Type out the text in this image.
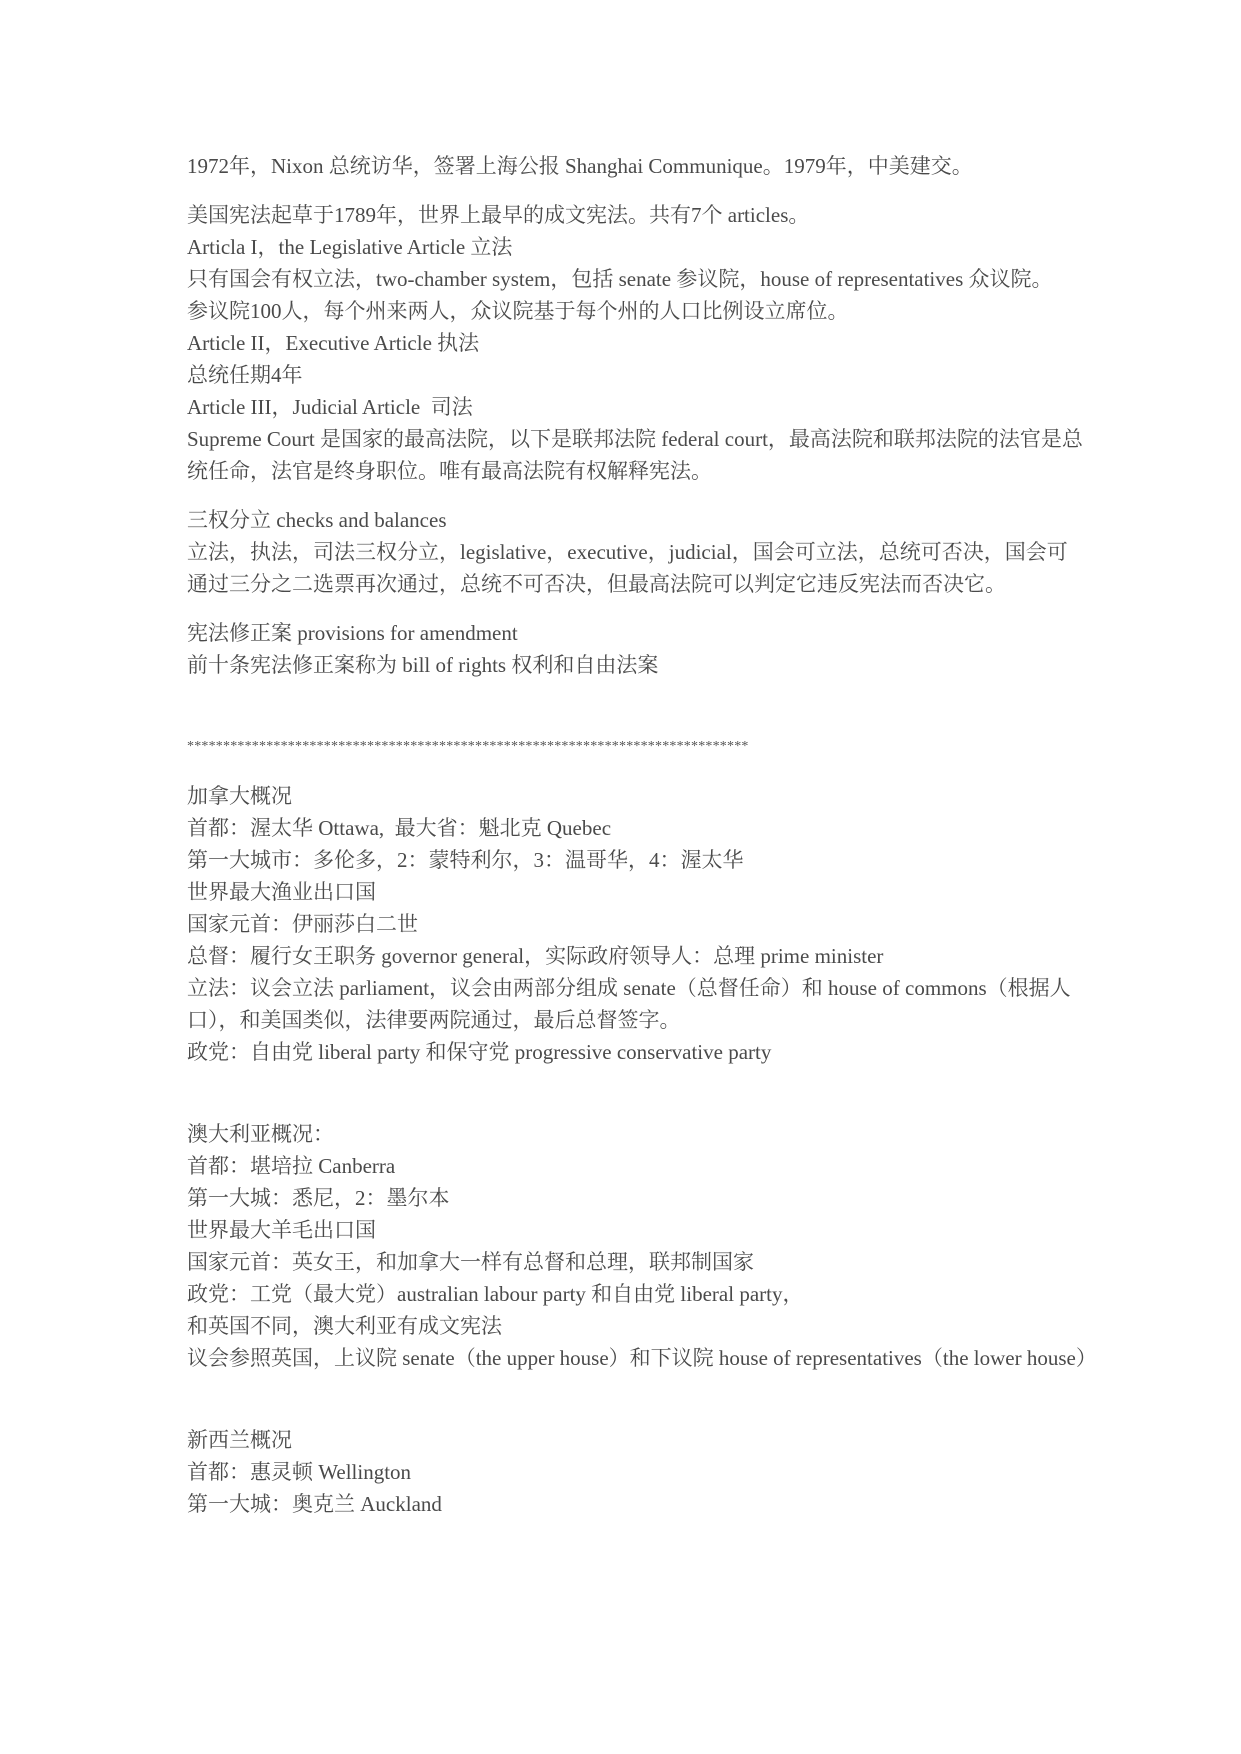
1972年，Nixon 总统访华，签署上海公报 Shanghai Communique。1979年，中美建交。
美国宪法起草于1789年，世界上最早的成文宪法。共有7个 articles。
Articla I，the Legislative Article 立法
只有国会有权立法，two-chamber system，包括 senate 参议院，house of representatives 众议院。
参议院100人，每个州来两人，众议院基于每个州的人口比例设立席位。
Article II，Executive Article 执法
总统任期4年
Article III，Judicial Article  司法
Supreme Court 是国家的最高法院，以下是联邦法院 federal court，最高法院和联邦法院的法官是总统任命，法官是终身职位。唯有最高法院有权解释宪法。
三权分立 checks and balances
立法，执法，司法三权分立，legislative，executive，judicial，国会可立法，总统可否决，国会可通过三分之二选票再次通过，总统不可否决，但最高法院可以判定它违反宪法而否决它。
宪法修正案 provisions for amendment
前十条宪法修正案称为 bill of rights 权利和自由法案
******************************************************************************
加拿大概况
首都：渥太华 Ottawa,  最大省：魁北克 Quebec
第一大城市：多伦多，2：蒙特利尔，3：温哥华，4：渥太华
世界最大渔业出口国
国家元首：伊丽莎白二世
总督：履行女王职务 governor general，实际政府领导人：总理 prime minister
立法：议会立法 parliament，议会由两部分组成 senate（总督任命）和 house of commons（根据人口），和美国类似，法律要两院通过，最后总督签字。
政党：自由党 liberal party 和保守党 progressive conservative party
澳大利亚概况：
首都：堪培拉 Canberra
第一大城：悉尼，2：墨尔本
世界最大羊毛出口国
国家元首：英女王，和加拿大一样有总督和总理，联邦制国家
政党：工党（最大党）australian labour party 和自由党 liberal party，
和英国不同，澳大利亚有成文宪法
议会参照英国，上议院 senate（the upper house）和下议院 house of representatives（the lower house）
新西兰概况
首都：惠灵顿 Wellington
第一大城：奥克兰 Auckland
